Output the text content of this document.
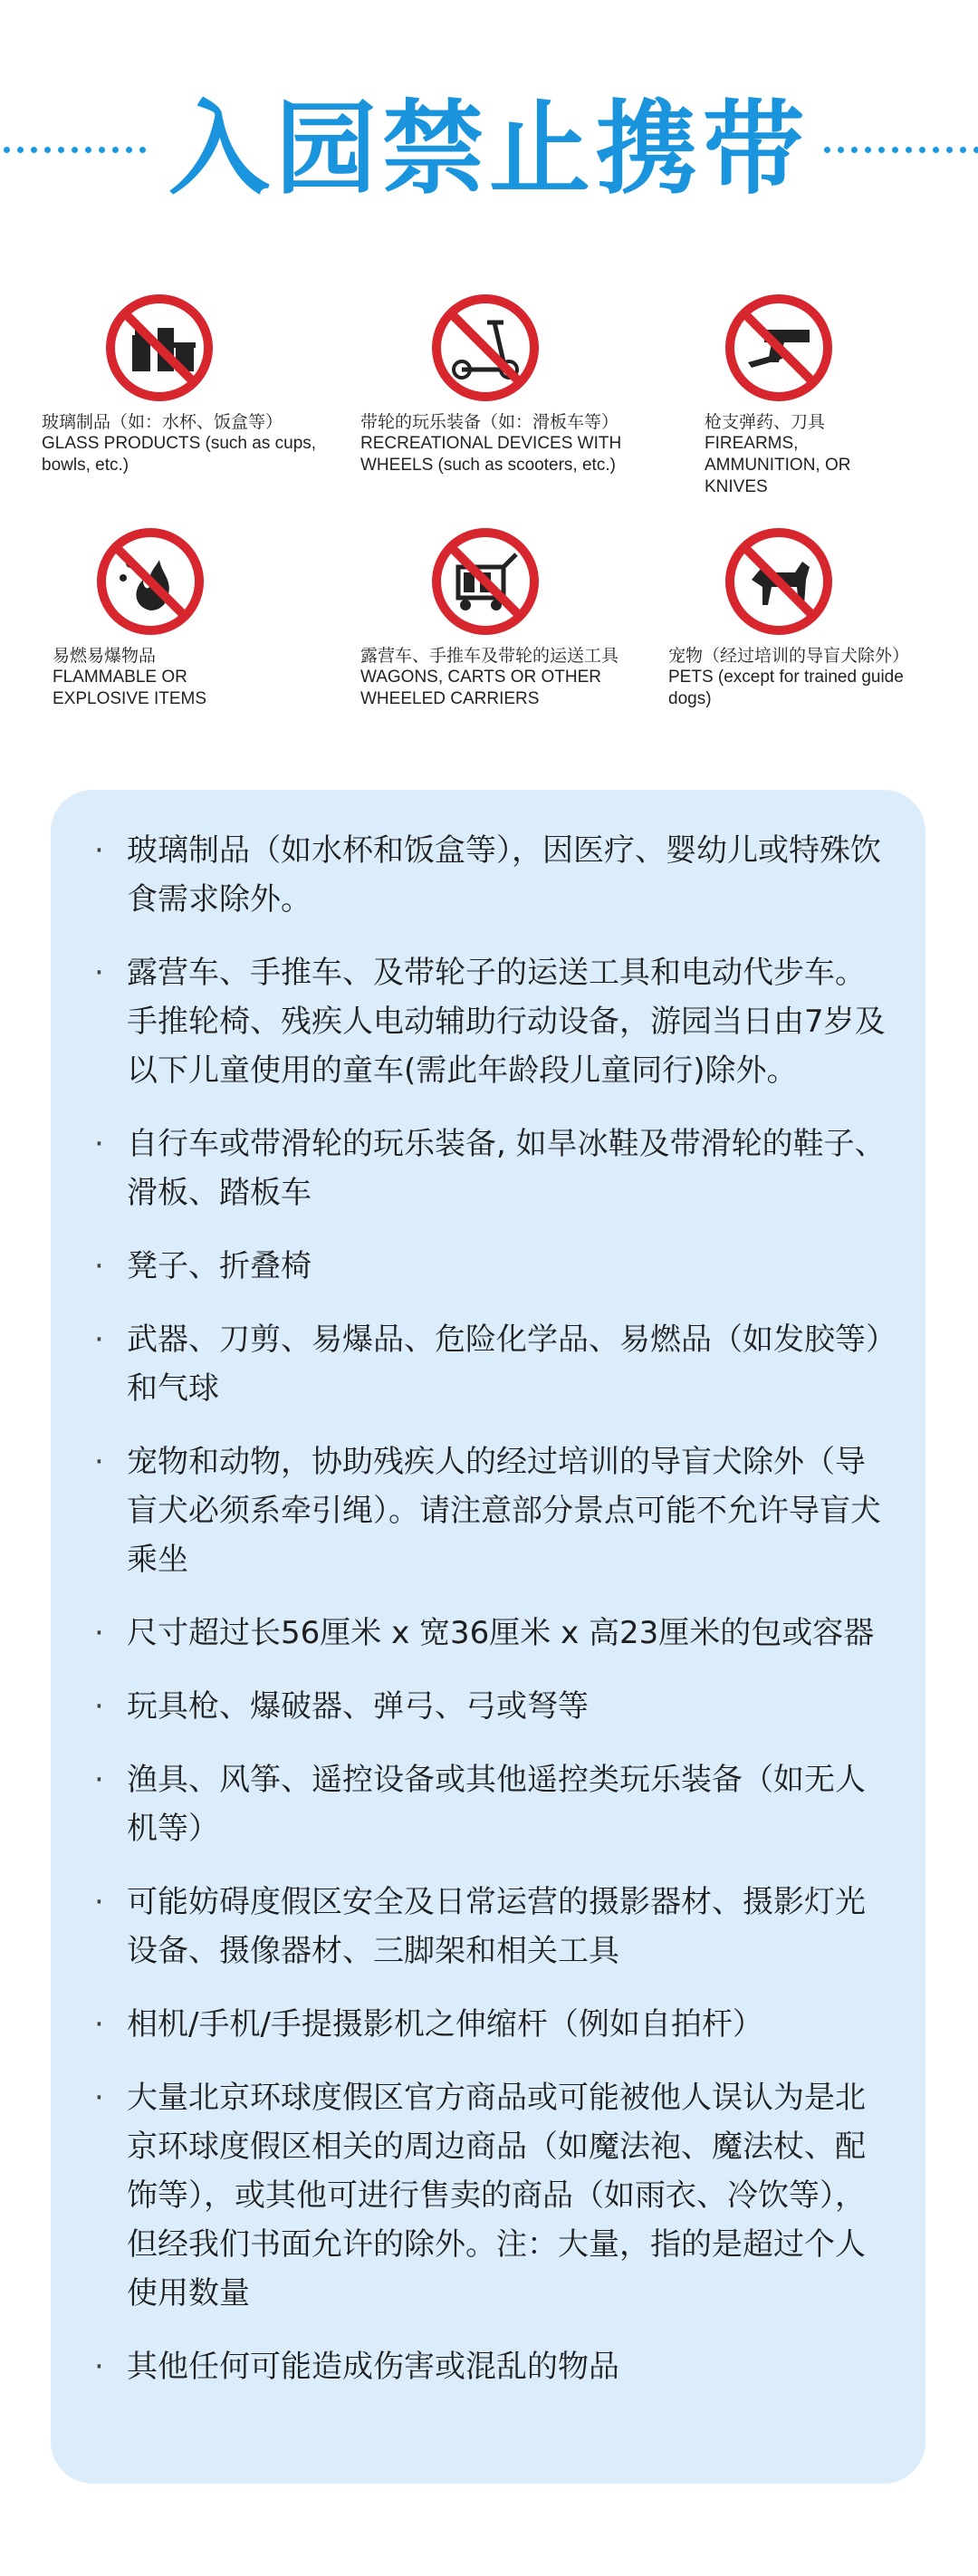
入园禁止携带
玻璃制品（如：水杯、饭盒等）
GLASS PRODUCTS (such as cups, bowls, etc.)
带轮的玩乐装备（如：滑板车等）
RECREATIONAL DEVICES WITH WHEELS (such as scooters, etc.)
枪支弹药、刀具
FIREARMS, AMMUNITION, OR KNIVES
易燃易爆物品
FLAMMABLE OR EXPLOSIVE ITEMS
露营车、手推车及带轮的运送工具
WAGONS, CARTS OR OTHER WHEELED CARRIERS
宠物（经过培训的导盲犬除外）
PETS (except for trained guide dogs)
· 玻璃制品（如水杯和饭盒等），因医疗、婴幼儿或特殊饮食需求除外。
· 露营车、手推车、及带轮子的运送工具和电动代步车。手推轮椅、残疾人电动辅助行动设备，游园当日由7岁及以下儿童使用的童车(需此年龄段儿童同行)除外。
· 自行车或带滑轮的玩乐装备, 如旱冰鞋及带滑轮的鞋子、滑板、踏板车
· 凳子、折叠椅
· 武器、刀剪、易爆品、危险化学品、易燃品（如发胶等）和气球
· 宠物和动物，协助残疾人的经过培训的导盲犬除外（导盲犬必须系牵引绳）。请注意部分景点可能不允许导盲犬乘坐
· 尺寸超过长56厘米 x 宽36厘米 x 高23厘米的包或容器
· 玩具枪、爆破器、弹弓、弓或弩等
· 渔具、风筝、遥控设备或其他遥控类玩乐装备（如无人机等）
· 可能妨碍度假区安全及日常运营的摄影器材、摄影灯光设备、摄像器材、三脚架和相关工具
· 相机/手机/手提摄影机之伸缩杆（例如自拍杆）
· 大量北京环球度假区官方商品或可能被他人误认为是北京环球度假区相关的周边商品（如魔法袍、魔法杖、配饰等），或其他可进行售卖的商品（如雨衣、冷饮等），但经我们书面允许的除外。注：大量，指的是超过个人使用数量
· 其他任何可能造成伤害或混乱的物品
